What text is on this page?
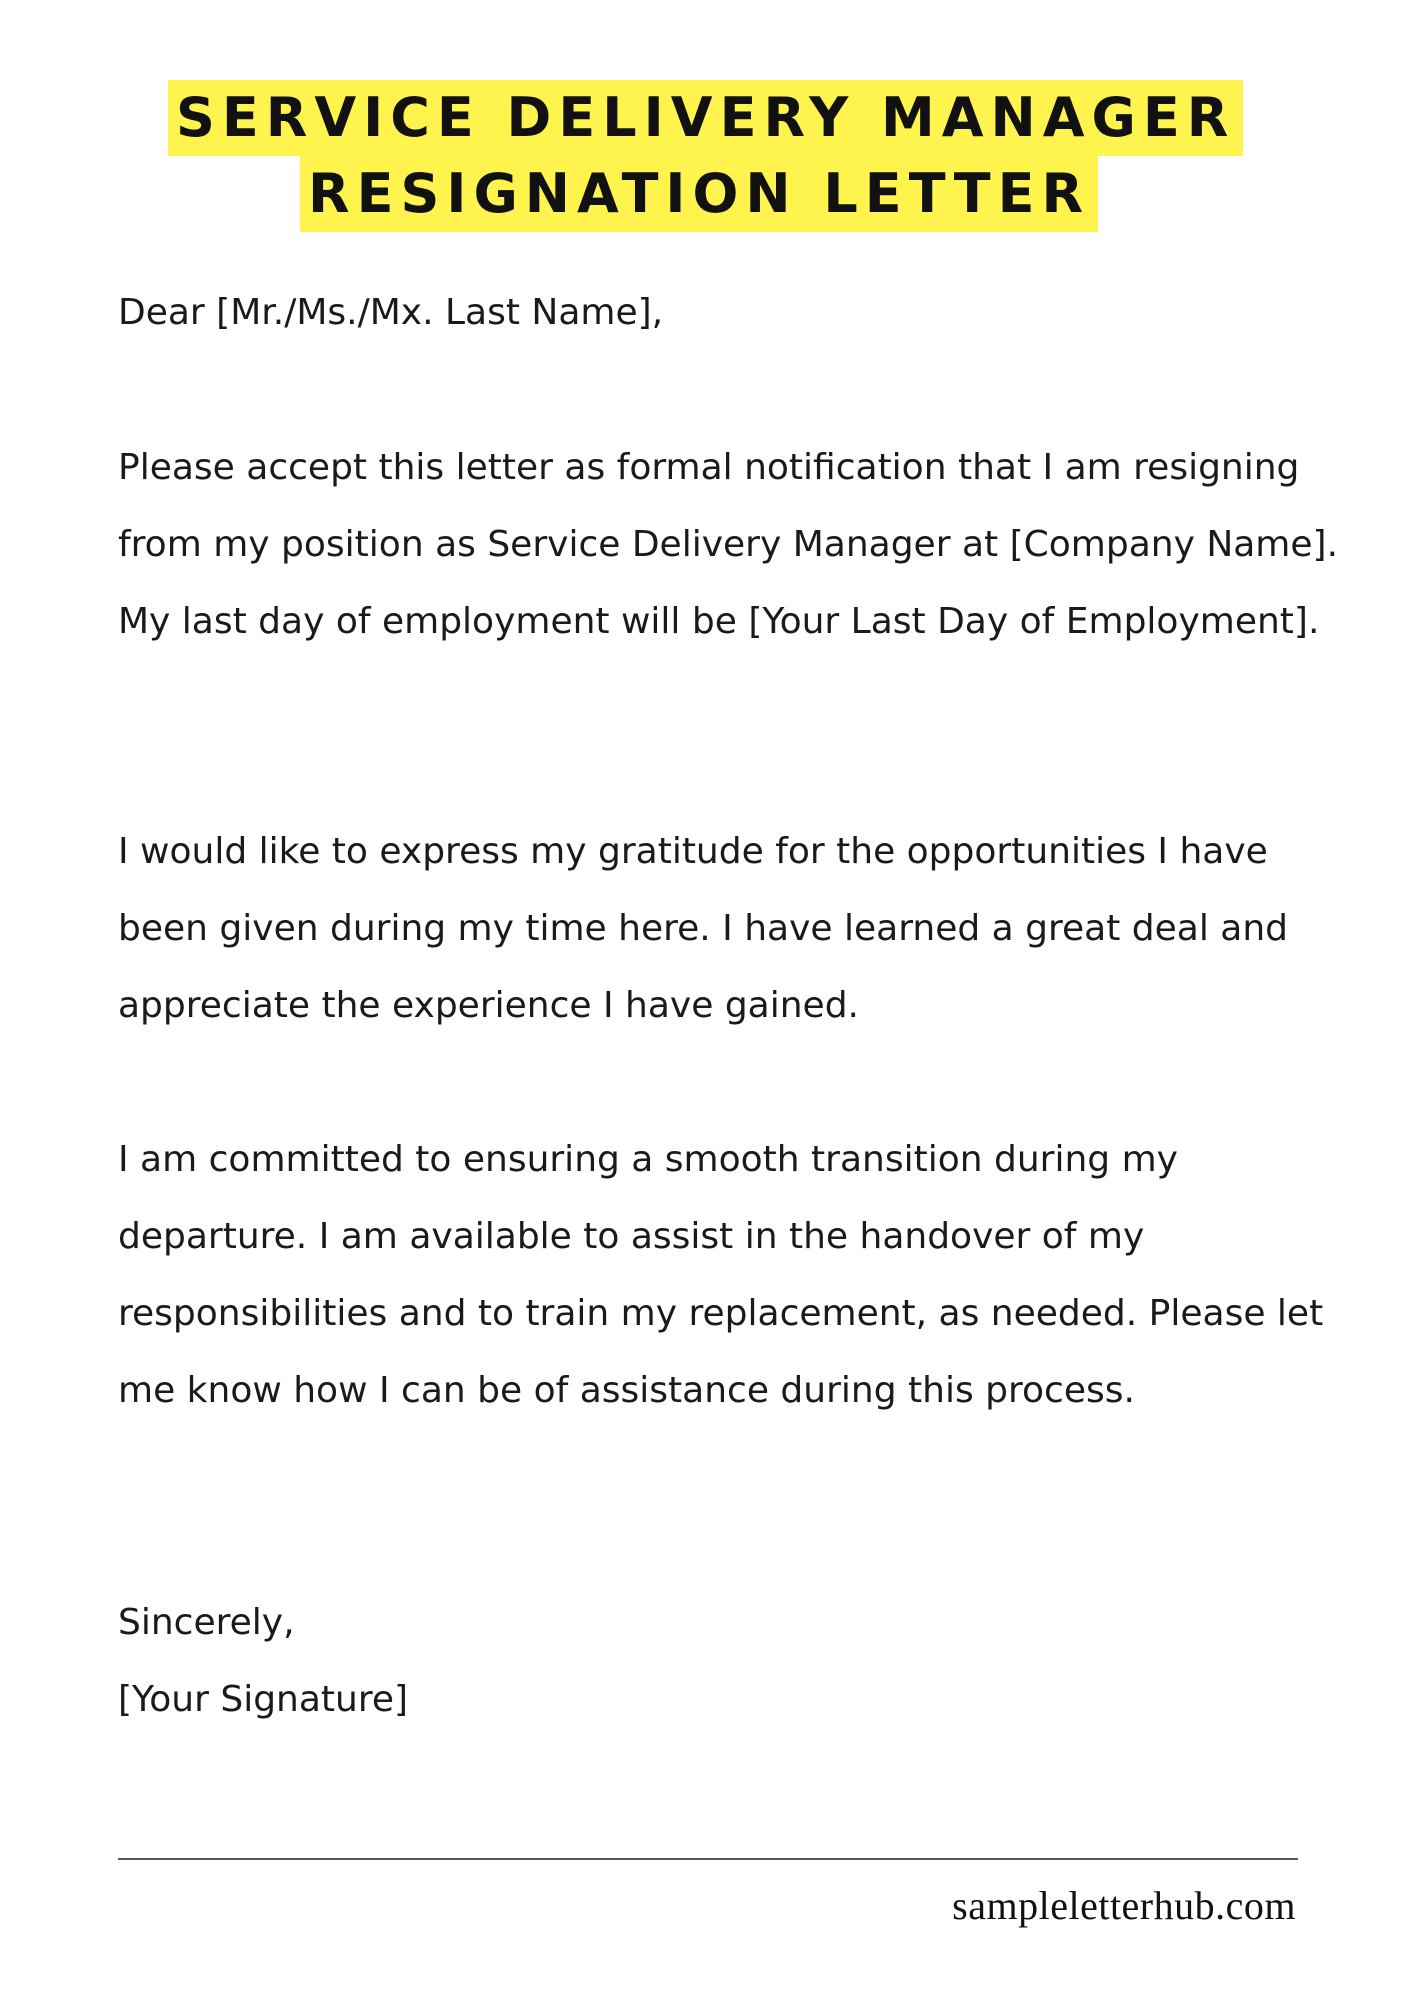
SERVICE DELIVERY MANAGER
RESIGNATION LETTER

Dear [Mr./Ms./Mx. Last Name],

Please accept this letter as formal notification that I am resigning from my position as Service Delivery Manager at [Company Name]. My last day of employment will be [Your Last Day of Employment].

I would like to express my gratitude for the opportunities I have been given during my time here. I have learned a great deal and appreciate the experience I have gained.

I am committed to ensuring a smooth transition during my departure. I am available to assist in the handover of my responsibilities and to train my replacement, as needed. Please let me know how I can be of assistance during this process.

Sincerely,

[Your Signature]

sampleletterhub.com
